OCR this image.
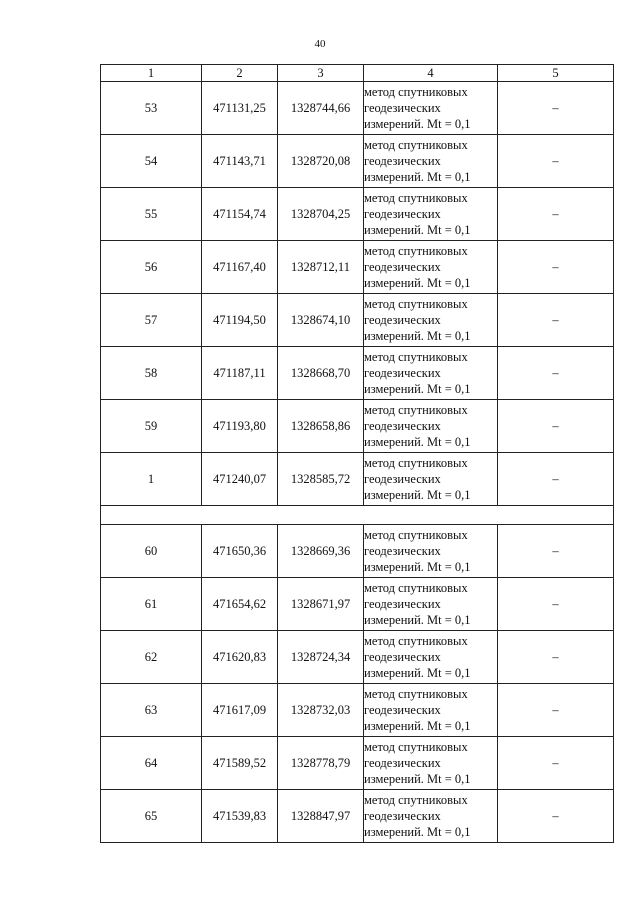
40
1	2	3	4	5
53	471131,25	1328744,66	метод спутниковых
геодезических
измерений. Mt = 0,1	–
54	471143,71	1328720,08	метод спутниковых
геодезических
измерений. Mt = 0,1	–
55	471154,74	1328704,25	метод спутниковых
геодезических
измерений. Mt = 0,1	–
56	471167,40	1328712,11	метод спутниковых
геодезических
измерений. Mt = 0,1	–
57	471194,50	1328674,10	метод спутниковых
геодезических
измерений. Mt = 0,1	–
58	471187,11	1328668,70	метод спутниковых
геодезических
измерений. Mt = 0,1	–
59	471193,80	1328658,86	метод спутниковых
геодезических
измерений. Mt = 0,1	–
1	471240,07	1328585,72	метод спутниковых
геодезических
измерений. Mt = 0,1	–

60	471650,36	1328669,36	метод спутниковых
геодезических
измерений. Mt = 0,1	–
61	471654,62	1328671,97	метод спутниковых
геодезических
измерений. Mt = 0,1	–
62	471620,83	1328724,34	метод спутниковых
геодезических
измерений. Mt = 0,1	–
63	471617,09	1328732,03	метод спутниковых
геодезических
измерений. Mt = 0,1	–
64	471589,52	1328778,79	метод спутниковых
геодезических
измерений. Mt = 0,1	–
65	471539,83	1328847,97	метод спутниковых
геодезических
измерений. Mt = 0,1	–
